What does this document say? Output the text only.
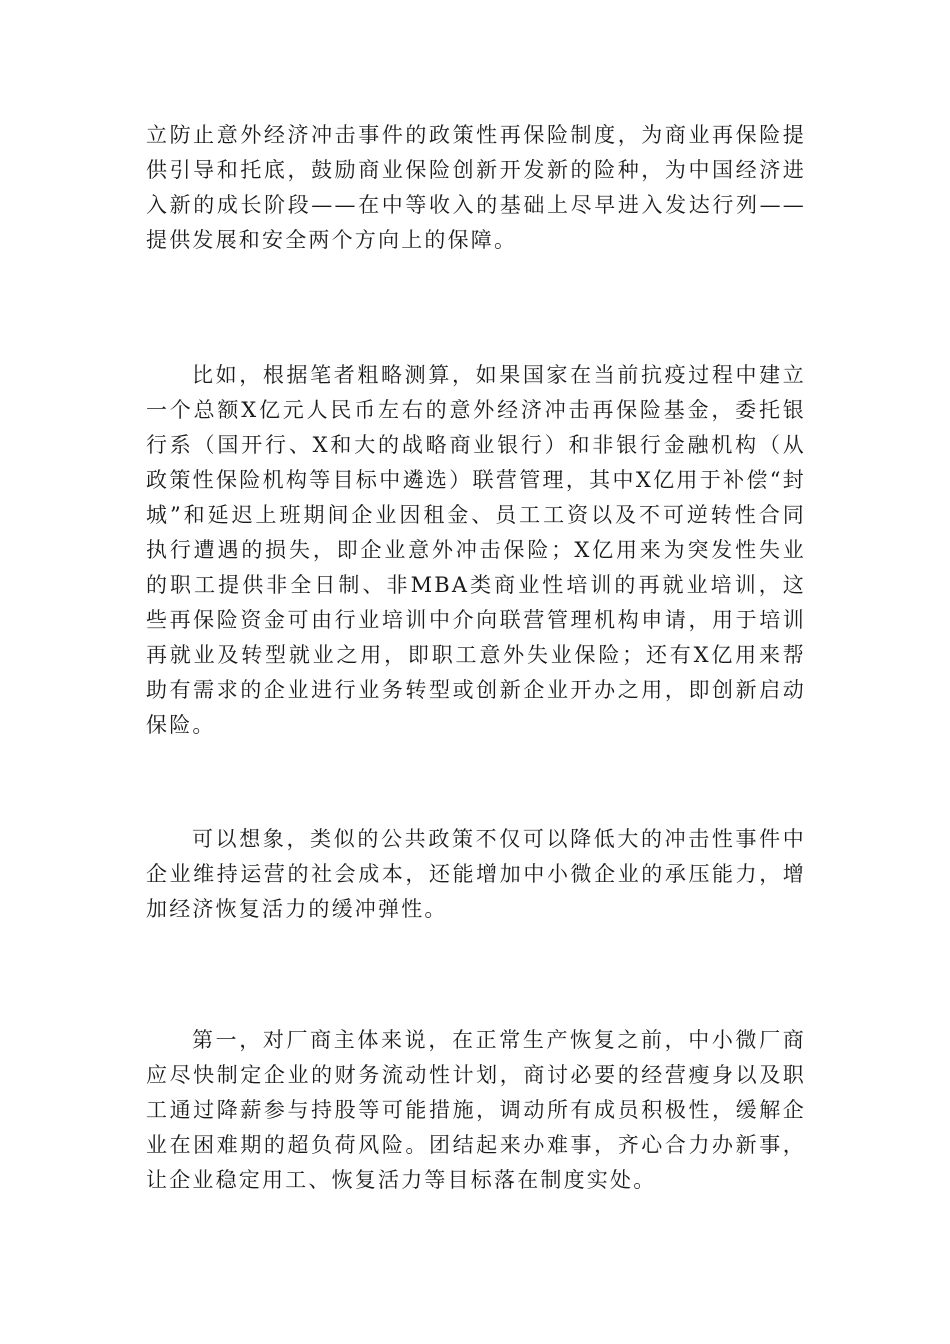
立防止意外经济冲击事件的政策性再保险制度，为商业再保险提供引导和托底，鼓励商业保险创新开发新的险种，为中国经济进入新的成长阶段——在中等收入的基础上尽早进入发达行列——提供发展和安全两个方向上的保障。

比如，根据笔者粗略测算，如果国家在当前抗疫过程中建立一个总额X亿元人民币左右的意外经济冲击再保险基金，委托银行系（国开行、X和大的战略商业银行）和非银行金融机构（从政策性保险机构等目标中遴选）联营管理，其中X亿用于补偿“封城”和延迟上班期间企业因租金、员工工资以及不可逆转性合同执行遭遇的损失，即企业意外冲击保险；X亿用来为突发性失业的职工提供非全日制、非MBA类商业性培训的再就业培训，这些再保险资金可由行业培训中介向联营管理机构申请，用于培训再就业及转型就业之用，即职工意外失业保险；还有X亿用来帮助有需求的企业进行业务转型或创新企业开办之用，即创新启动保险。

可以想象，类似的公共政策不仅可以降低大的冲击性事件中企业维持运营的社会成本，还能增加中小微企业的承压能力，增加经济恢复活力的缓冲弹性。

第一，对厂商主体来说，在正常生产恢复之前，中小微厂商应尽快制定企业的财务流动性计划，商讨必要的经营瘦身以及职工通过降薪参与持股等可能措施，调动所有成员积极性，缓解企业在困难期的超负荷风险。团结起来办难事，齐心合力办新事，让企业稳定用工、恢复活力等目标落在制度实处。
